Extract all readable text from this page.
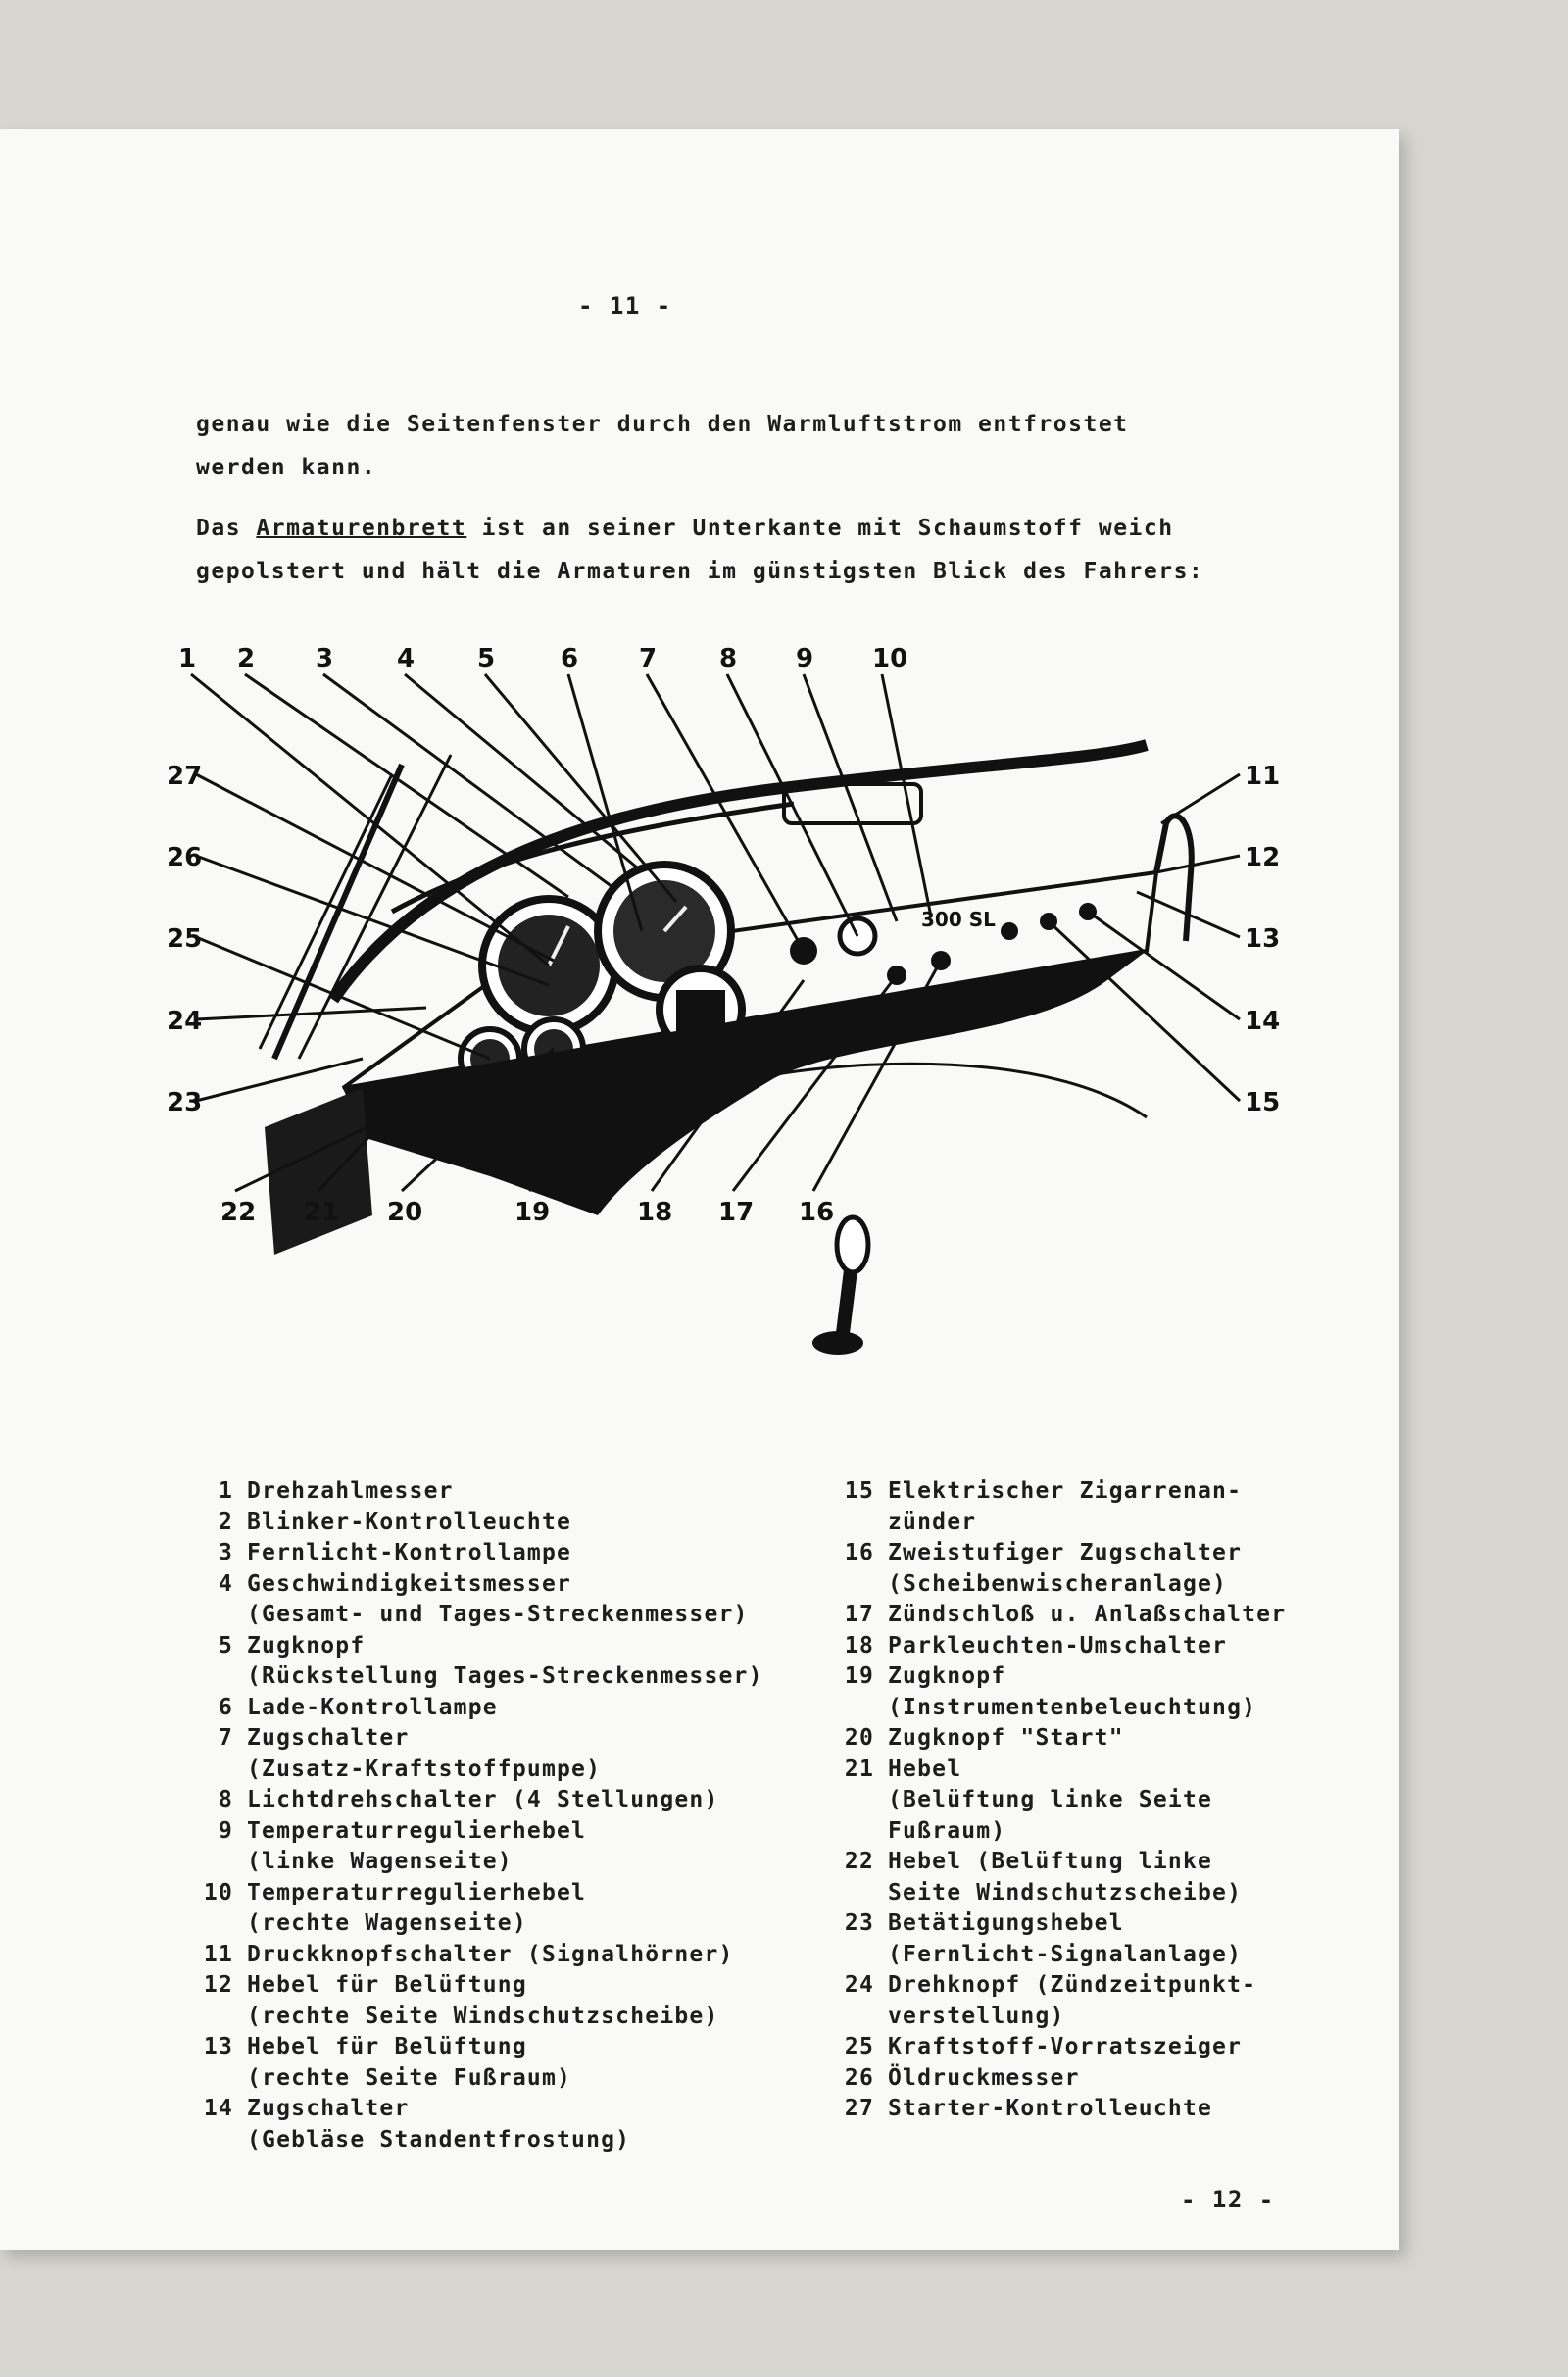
- 11 -
genau wie die Seitenfenster durch den Warmluftstrom entfrostet
werden kann.
Das Armaturenbrett ist an seiner Unterkante mit Schaumstoff weich
gepolstert und hält die Armaturen im günstigsten Blick des Fahrers:
300 SL
1 2 3 4 5	6 7 8 9 10
11
12
13
14
15
27
26
25
24
23
22 21 20	19	18 17 16
1 Drehzahlmesser
2 Blinker-Kontrolleuchte
3 Fernlicht-Kontrollampe
4 Geschwindigkeitsmesser
(Gesamt- und Tages-Streckenmesser)
5 Zugknopf
(Rückstellung Tages-Streckenmesser)
6 Lade-Kontrollampe
7 Zugschalter
(Zusatz-Kraftstoffpumpe)
8 Lichtdrehschalter (4 Stellungen)
9 Temperaturregulierhebel
(linke Wagenseite)
10 Temperaturregulierhebel
(rechte Wagenseite)
11 Druckknopfschalter (Signalhörner)
12 Hebel für Belüftung
(rechte Seite Windschutzscheibe)
13 Hebel für Belüftung
(rechte Seite Fußraum)
14 Zugschalter
(Gebläse Standentfrostung)
15 Elektrischer Zigarrenan-
zünder
16 Zweistufiger Zugschalter
(Scheibenwischeranlage)
17 Zündschloß u. Anlaßschalter
18 Parkleuchten-Umschalter
19 Zugknopf
(Instrumentenbeleuchtung)
20 Zugknopf "Start"
21 Hebel
(Belüftung linke Seite
Fußraum)
22 Hebel (Belüftung linke
Seite Windschutzscheibe)
23 Betätigungshebel
(Fernlicht-Signalanlage)
24 Drehknopf (Zündzeitpunkt-
verstellung)
25 Kraftstoff-Vorratszeiger
26 Öldruckmesser
27 Starter-Kontrolleuchte
- 12 -
